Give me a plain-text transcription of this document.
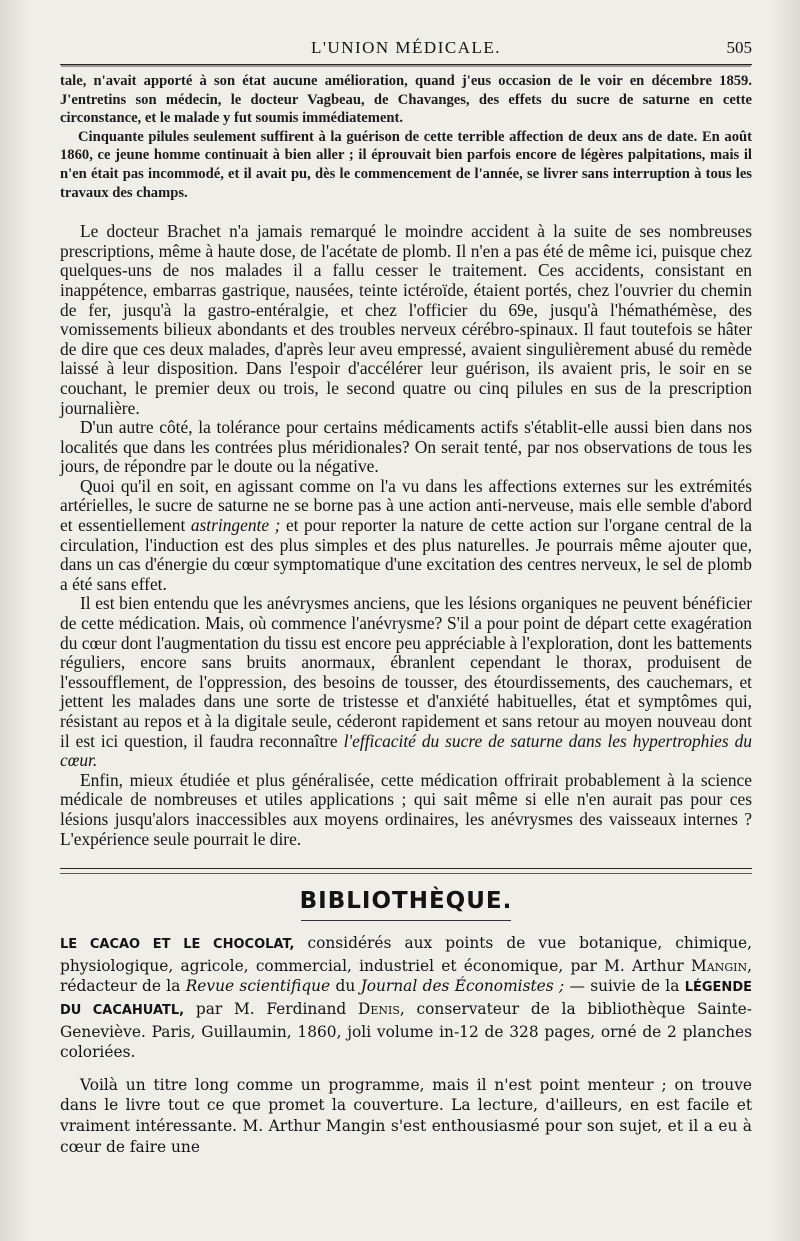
L'UNION MÉDICALE.	505

tale, n'avait apporté à son état aucune amélioration, quand j'eus occasion de le voir en décembre 1859. J'entretins son médecin, le docteur Vagbeau, de Chavanges, des effets du sucre de saturne en cette circonstance, et le malade y fut soumis immédiatement.

Cinquante pilules seulement suffirent à la guérison de cette terrible affection de deux ans de date. En août 1860, ce jeune homme continuait à bien aller ; il éprouvait bien parfois encore de légères palpitations, mais il n'en était pas incommodé, et il avait pu, dès le commencement de l'année, se livrer sans interruption à tous les travaux des champs.

Le docteur Brachet n'a jamais remarqué le moindre accident à la suite de ses nombreuses prescriptions, même à haute dose, de l'acétate de plomb. Il n'en a pas été de même ici, puisque chez quelques-uns de nos malades il a fallu cesser le traitement. Ces accidents, consistant en inappétence, embarras gastrique, nausées, teinte ictéroïde, étaient portés, chez l'ouvrier du chemin de fer, jusqu'à la gastro-entéralgie, et chez l'officier du 69e, jusqu'à l'hémathémèse, des vomissements bilieux abondants et des troubles nerveux cérébro-spinaux. Il faut toutefois se hâter de dire que ces deux malades, d'après leur aveu empressé, avaient singulièrement abusé du remède laissé à leur disposition. Dans l'espoir d'accélérer leur guérison, ils avaient pris, le soir en se couchant, le premier deux ou trois, le second quatre ou cinq pilules en sus de la prescription journalière.

D'un autre côté, la tolérance pour certains médicaments actifs s'établit-elle aussi bien dans nos localités que dans les contrées plus méridionales? On serait tenté, par nos observations de tous les jours, de répondre par le doute ou la négative.

Quoi qu'il en soit, en agissant comme on l'a vu dans les affections externes sur les extrémités artérielles, le sucre de saturne ne se borne pas à une action anti-nerveuse, mais elle semble d'abord et essentiellement astringente ; et pour reporter la nature de cette action sur l'organe central de la circulation, l'induction est des plus simples et des plus naturelles. Je pourrais même ajouter que, dans un cas d'énergie du cœur symptomatique d'une excitation des centres nerveux, le sel de plomb a été sans effet.

Il est bien entendu que les anévrysmes anciens, que les lésions organiques ne peuvent bénéficier de cette médication. Mais, où commence l'anévrysme? S'il a pour point de départ cette exagération du cœur dont l'augmentation du tissu est encore peu appréciable à l'exploration, dont les battements réguliers, encore sans bruits anormaux, ébranlent cependant le thorax, produisent de l'essoufflement, de l'oppression, des besoins de tousser, des étourdissements, des cauchemars, et jettent les malades dans une sorte de tristesse et d'anxiété habituelles, état et symptômes qui, résistant au repos et à la digitale seule, céderont rapidement et sans retour au moyen nouveau dont il est ici question, il faudra reconnaître l'efficacité du sucre de saturne dans les hypertrophies du cœur.

Enfin, mieux étudiée et plus généralisée, cette médication offrirait probablement à la science médicale de nombreuses et utiles applications ; qui sait même si elle n'en aurait pas pour ces lésions jusqu'alors inaccessibles aux moyens ordinaires, les anévrysmes des vaisseaux internes ? L'expérience seule pourrait le dire.

BIBLIOTHÈQUE.

LE CACAO ET LE CHOCOLAT, considérés aux points de vue botanique, chimique, physiologique, agricole, commercial, industriel et économique, par M. Arthur Mangin, rédacteur de la Revue scientifique du Journal des Économistes ; — suivie de la LÉGENDE DU CACAHUATL, par M. Ferdinand Denis, conservateur de la bibliothèque Sainte-Geneviève. Paris, Guillaumin, 1860, joli volume in-12 de 328 pages, orné de 2 planches coloriées.

Voilà un titre long comme un programme, mais il n'est point menteur ; on trouve dans le livre tout ce que promet la couverture. La lecture, d'ailleurs, en est facile et vraiment intéressante. M. Arthur Mangin s'est enthousiasmé pour son sujet, et il a eu à cœur de faire une
